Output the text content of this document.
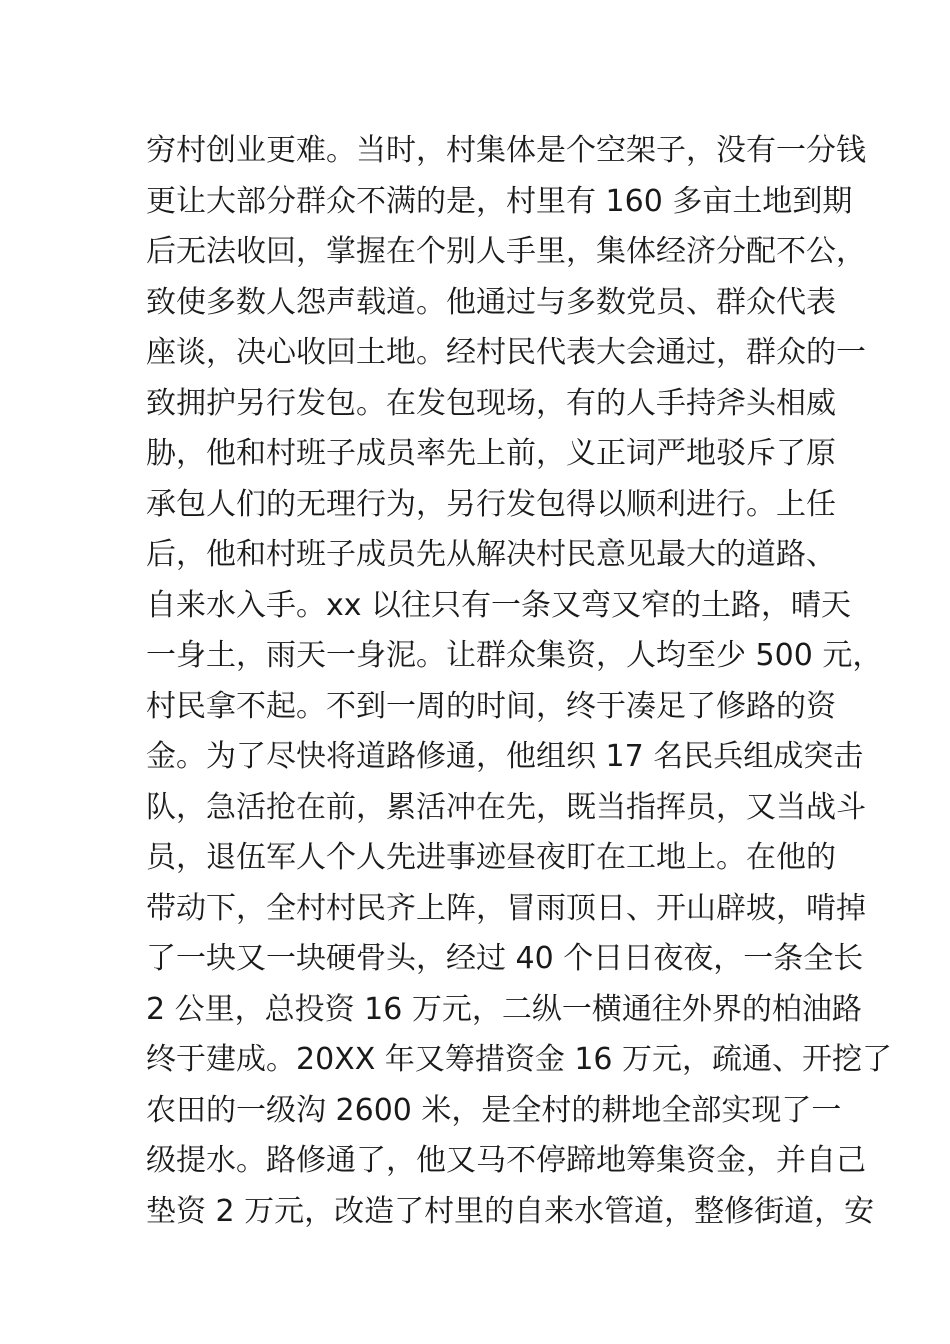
穷村创业更难。当时，村集体是个空架子，没有一分钱
更让大部分群众不满的是，村里有 160 多亩土地到期
后无法收回，掌握在个别人手里，集体经济分配不公，
致使多数人怨声载道。他通过与多数党员、群众代表
座谈，决心收回土地。经村民代表大会通过，群众的一
致拥护另行发包。在发包现场，有的人手持斧头相威
胁，他和村班子成员率先上前，义正词严地驳斥了原
承包人们的无理行为，另行发包得以顺利进行。上任
后，他和村班子成员先从解决村民意见最大的道路、
自来水入手。xx 以往只有一条又弯又窄的土路，晴天
一身土，雨天一身泥。让群众集资，人均至少 500 元，
村民拿不起。不到一周的时间，终于凑足了修路的资
金。为了尽快将道路修通，他组织 17 名民兵组成突击
队，急活抢在前，累活冲在先，既当指挥员，又当战斗
员，退伍军人个人先进事迹昼夜盯在工地上。在他的
带动下，全村村民齐上阵，冒雨顶日、开山辟坡，啃掉
了一块又一块硬骨头，经过 40 个日日夜夜，一条全长
2 公里，总投资 16 万元，二纵一横通往外界的柏油路
终于建成。20XX 年又筹措资金 16 万元，疏通、开挖了
农田的一级沟 2600 米，是全村的耕地全部实现了一
级提水。路修通了，他又马不停蹄地筹集资金，并自己
垫资 2 万元，改造了村里的自来水管道，整修街道，安
